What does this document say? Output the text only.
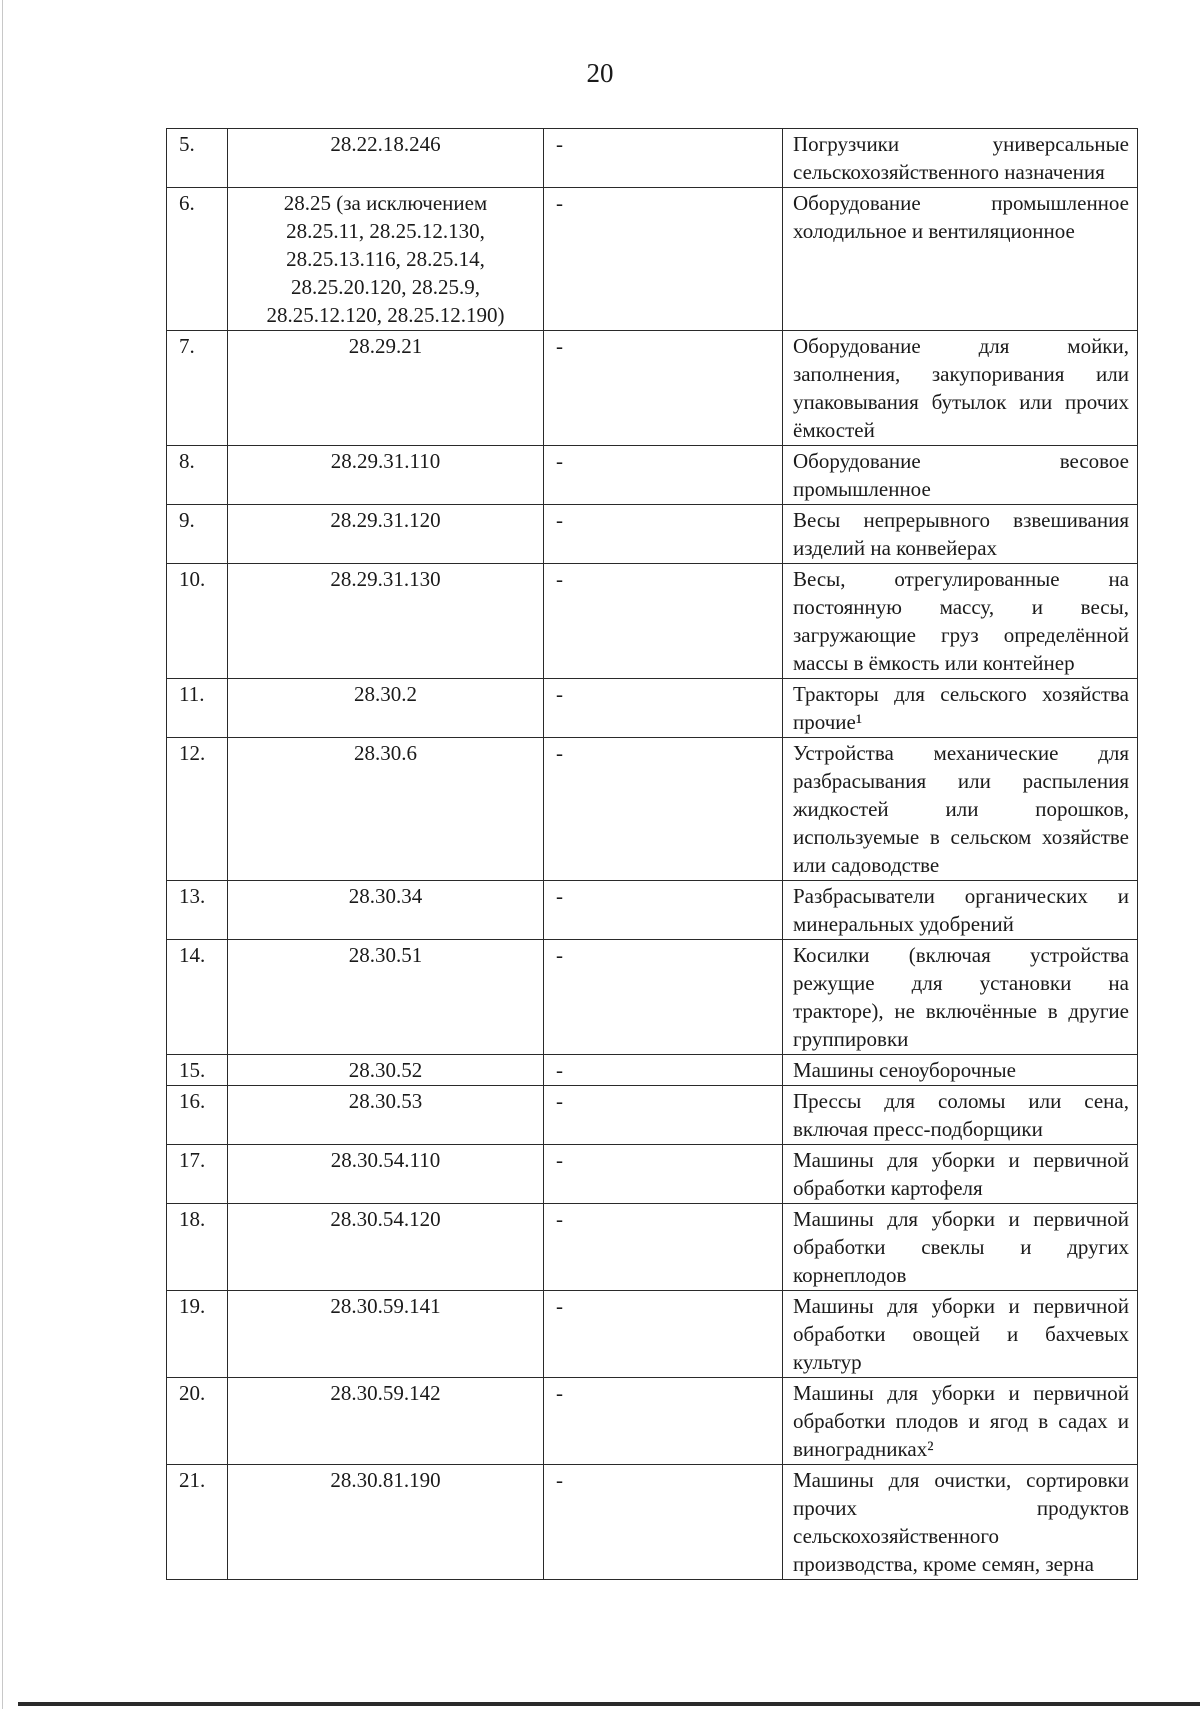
20
5.	28.22.18.246	-	Погрузчики универсальные сельскохозяйственного назначения
6.	28.25 (за исключением
28.25.11, 28.25.12.130,
28.25.13.116, 28.25.14,
28.25.20.120, 28.25.9,
28.25.12.120, 28.25.12.190)	-	Оборудование промышленное холодильное и вентиляционное
7.	28.29.21	-	Оборудование для мойки, заполнения, закупоривания или упаковывания бутылок или прочих ёмкостей
8.	28.29.31.110	-	Оборудование весовое промышленное
9.	28.29.31.120	-	Весы непрерывного взвешивания изделий на конвейерах
10.	28.29.31.130	-	Весы, отрегулированные на постоянную массу, и весы, загружающие груз определённой массы в ёмкость или контейнер
11.	28.30.2	-	Тракторы для сельского хозяйства прочие¹
12.	28.30.6	-	Устройства механические для разбрасывания или распыления жидкостей или порошков, используемые в сельском хозяйстве или садоводстве
13.	28.30.34	-	Разбрасыватели органических и минеральных удобрений
14.	28.30.51	-	Косилки (включая устройства режущие для установки на тракторе), не включённые в другие группировки
15.	28.30.52	-	Машины сеноуборочные
16.	28.30.53	-	Прессы для соломы или сена, включая пресс-подборщики
17.	28.30.54.110	-	Машины для уборки и первичной обработки картофеля
18.	28.30.54.120	-	Машины для уборки и первичной обработки свеклы и других корнеплодов
19.	28.30.59.141	-	Машины для уборки и первичной обработки овощей и бахчевых культур
20.	28.30.59.142	-	Машины для уборки и первичной обработки плодов и ягод в садах и виноградниках²
21.	28.30.81.190	-	Машины для очистки, сортировки прочих продуктов сельскохозяйственного производства, кроме семян, зерна
